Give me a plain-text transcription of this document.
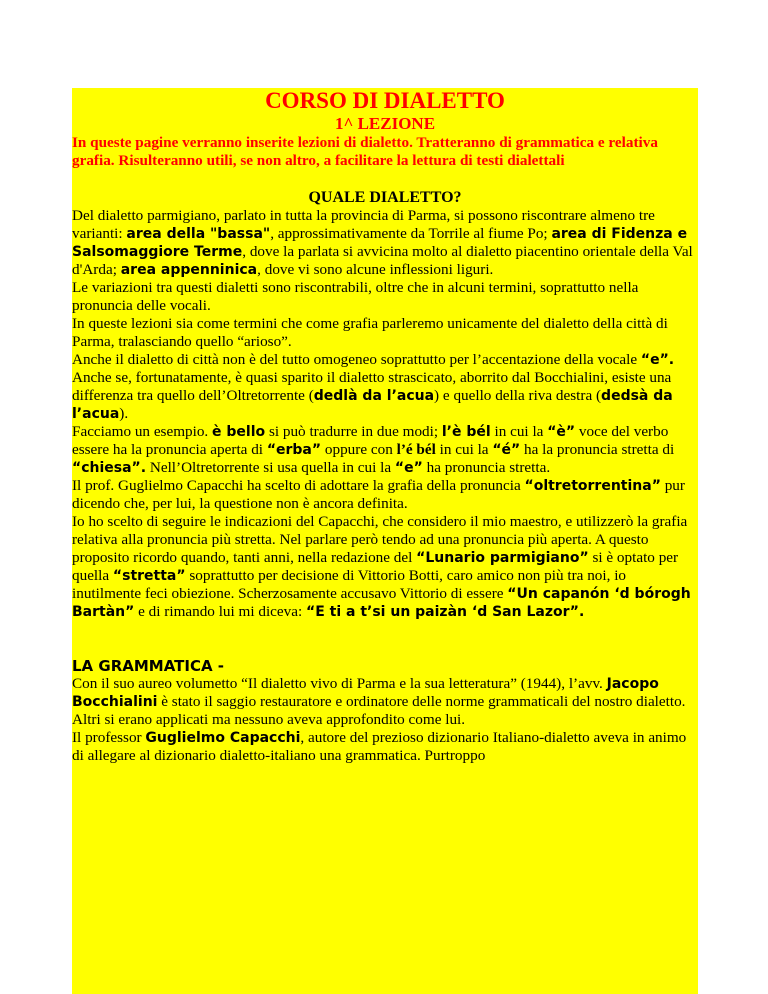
CORSO DI DIALETTO
1^ LEZIONE

In queste pagine verranno inserite lezioni di dialetto. Tratteranno di grammatica e relativa grafia. Risulteranno utili, se non altro, a facilitare la lettura di testi dialettali

QUALE DIALETTO?

Del dialetto parmigiano, parlato in tutta la provincia di Parma, si possono riscontrare almeno tre varianti: area della "bassa", approssimativamente da Torrile al fiume Po; area di Fidenza e Salsomaggiore Terme, dove la parlata si avvicina molto al dialetto piacentino orientale della Val d'Arda; area appenninica, dove vi sono alcune inflessioni liguri.

Le variazioni tra questi dialetti sono riscontrabili, oltre che in alcuni termini, soprattutto nella pronuncia delle vocali.

In queste lezioni sia come termini che come grafia parleremo unicamente del dialetto della città di Parma, tralasciando quello “arioso”.

Anche il dialetto di città non è del tutto omogeneo soprattutto per l’accentazione della vocale “e”. Anche se, fortunatamente, è quasi sparito il dialetto strascicato, aborrito dal Bocchialini, esiste una differenza tra quello dell’Oltretorrente (dedlà da l’acua) e quello della riva destra (dedsà da l’acua).

Facciamo un esempio. è bello si può tradurre in due modi; l’è bél in cui la “è” voce del verbo essere ha la pronuncia aperta di “erba” oppure con l’é bél in cui la “é” ha la pronuncia stretta di “chiesa”. Nell’Oltretorrente si usa quella in cui la “e” ha pronuncia stretta.

Il prof. Guglielmo Capacchi ha scelto di adottare la grafia della pronuncia “oltretorrentina” pur dicendo che, per lui, la questione non è ancora definita.

Io ho scelto di seguire le indicazioni del Capacchi, che considero il mio maestro, e utilizzerò la grafia relativa alla pronuncia più stretta. Nel parlare però tendo ad una pronuncia più aperta. A questo proposito ricordo quando, tanti anni, nella redazione del “Lunario parmigiano” si è optato per quella “stretta” soprattutto per decisione di Vittorio Botti, caro amico non più tra noi, io inutilmente feci obiezione. Scherzosamente accusavo Vittorio di essere “Un capanón ‘d bórogh Bartàn” e di rimando lui mi diceva: “E ti a t’si un paizàn ‘d San Lazor”.

LA GRAMMATICA -

Con il suo aureo volumetto “Il dialetto vivo di Parma e la sua letteratura” (1944), l’avv. Jacopo Bocchialini è stato il saggio restauratore e ordinatore delle norme grammaticali del nostro dialetto. Altri si erano applicati ma nessuno aveva approfondito come lui.

Il professor Guglielmo Capacchi, autore del prezioso dizionario Italiano-dialetto aveva in animo di allegare al dizionario dialetto-italiano una grammatica. Purtroppo
